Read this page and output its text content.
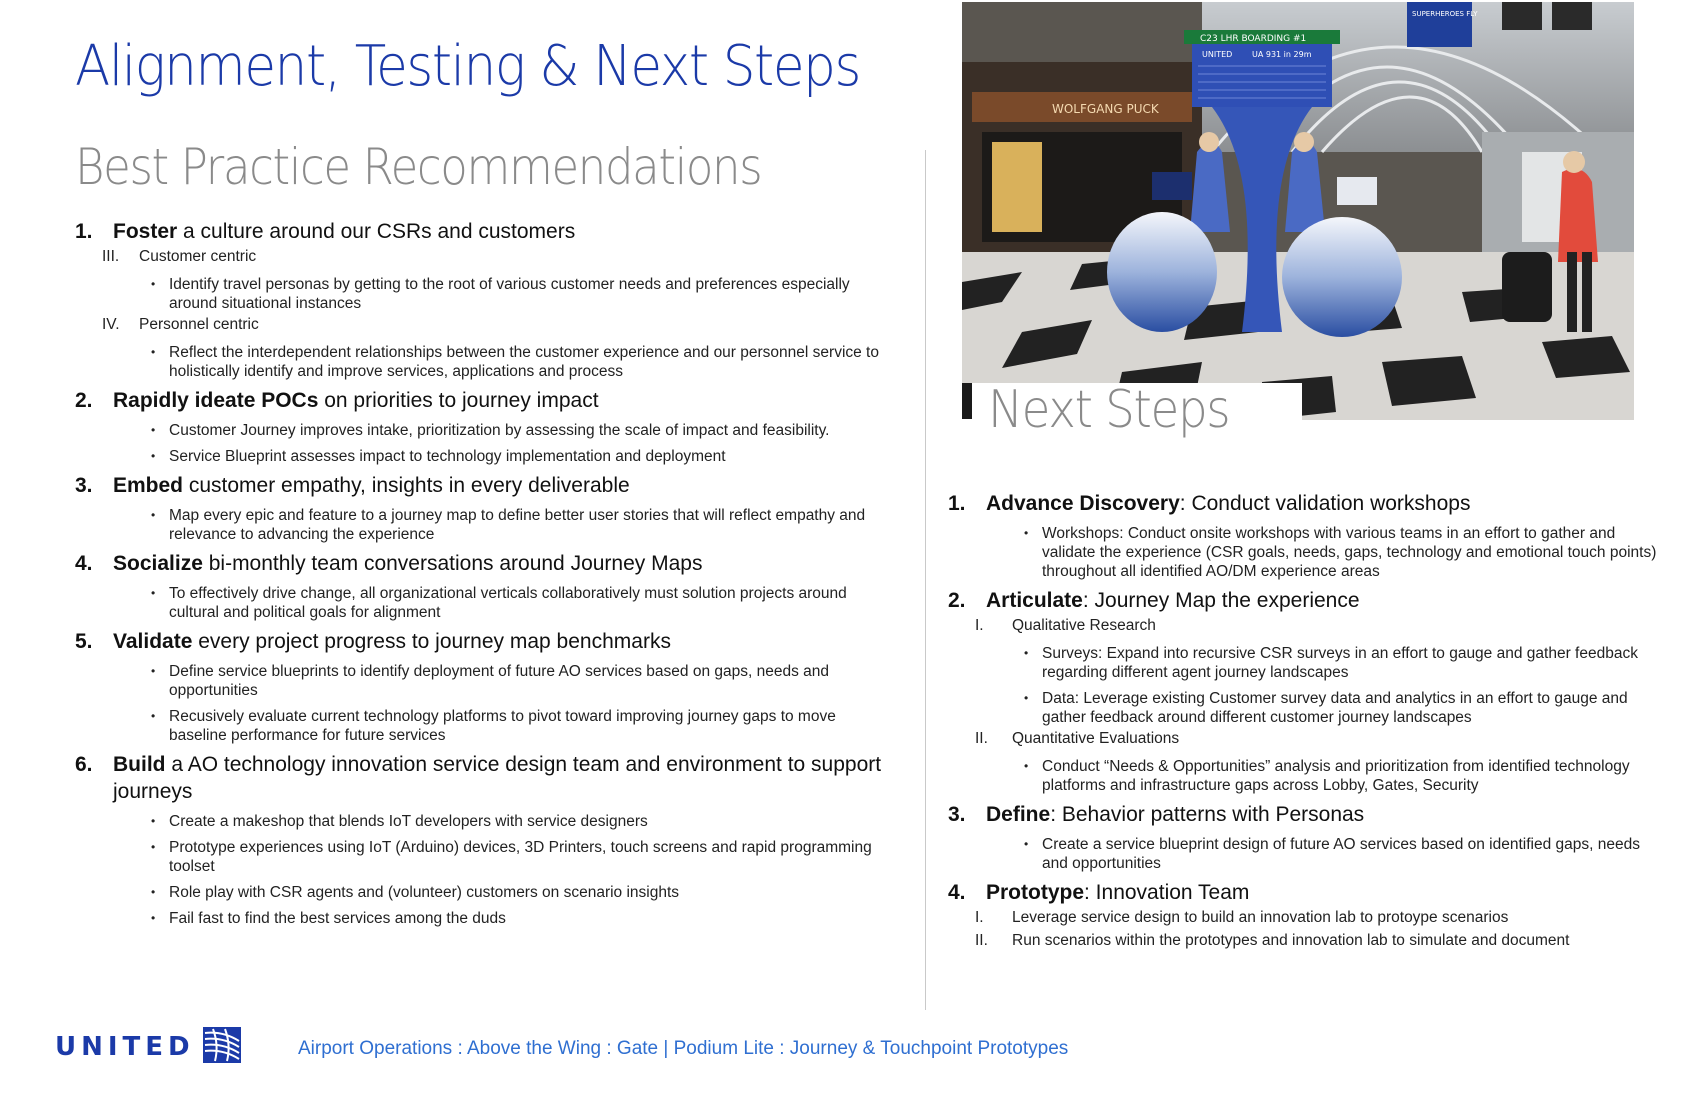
Alignment, Testing & Next Steps
Best Practice Recommendations
1. Foster a culture around our CSRs and customers
III.	Customer centric
• Identify travel personas by getting to the root of various customer needs and preferences especially around situational instances
IV.	Personnel centric
• Reflect the interdependent relationships between the customer experience and our personnel service to holistically identify and improve services, applications and process
2. Rapidly ideate POCs on priorities to journey impact
• Customer Journey improves intake, prioritization by assessing the scale of impact and feasibility.
• Service Blueprint assesses impact to technology implementation and deployment
3. Embed customer empathy, insights in every deliverable
• Map every epic and feature to a journey map to define better user stories that will reflect empathy and relevance to advancing the experience
4. Socialize bi-monthly team conversations around Journey Maps
• To effectively drive change, all organizational verticals collaboratively must solution projects around cultural and political goals for alignment
5. Validate every project progress to journey map benchmarks
• Define service blueprints to identify deployment of future AO services based on gaps, needs and opportunities
• Recusively evaluate current technology platforms to pivot toward improving journey gaps to move baseline performance for future services
6. Build a AO technology innovation service design team and environment to support journeys
• Create a makeshop that blends IoT developers with service designers
• Prototype experiences using IoT (Arduino) devices, 3D Printers, touch screens and rapid programming toolset
• Role play with CSR agents and (volunteer) customers on scenario insights
• Fail fast to find the best services among the duds
WOLFGANG PUCK
C23 LHR BOARDING #1
UNITED UA 931 in 29m
SUPERHEROES FLY
Next Steps
1. Advance Discovery: Conduct validation workshops
• Workshops: Conduct onsite workshops with various teams in an effort to gather and validate the experience (CSR goals, needs, gaps, technology and emotional touch points) throughout all identified AO/DM experience areas
2. Articulate: Journey Map the experience
I.	Qualitative Research
• Surveys: Expand into recursive CSR surveys in an effort to gauge and gather feedback regarding different agent journey landscapes
• Data: Leverage existing Customer survey data and analytics in an effort to gauge and gather feedback around different customer journey landscapes
II.	Quantitative Evaluations
• Conduct “Needs & Opportunities” analysis and prioritization from identified technology platforms and infrastructure gaps across Lobby, Gates, Security
3. Define: Behavior patterns with Personas
• Create a service blueprint design of future AO services based on identified gaps, needs and opportunities
4. Prototype: Innovation Team
I.	Leverage service design to build an innovation lab to protoype scenarios
II.	Run scenarios within the prototypes and innovation lab to simulate and document
UNITED	Airport Operations : Above the Wing : Gate | Podium Lite : Journey & Touchpoint Prototypes
